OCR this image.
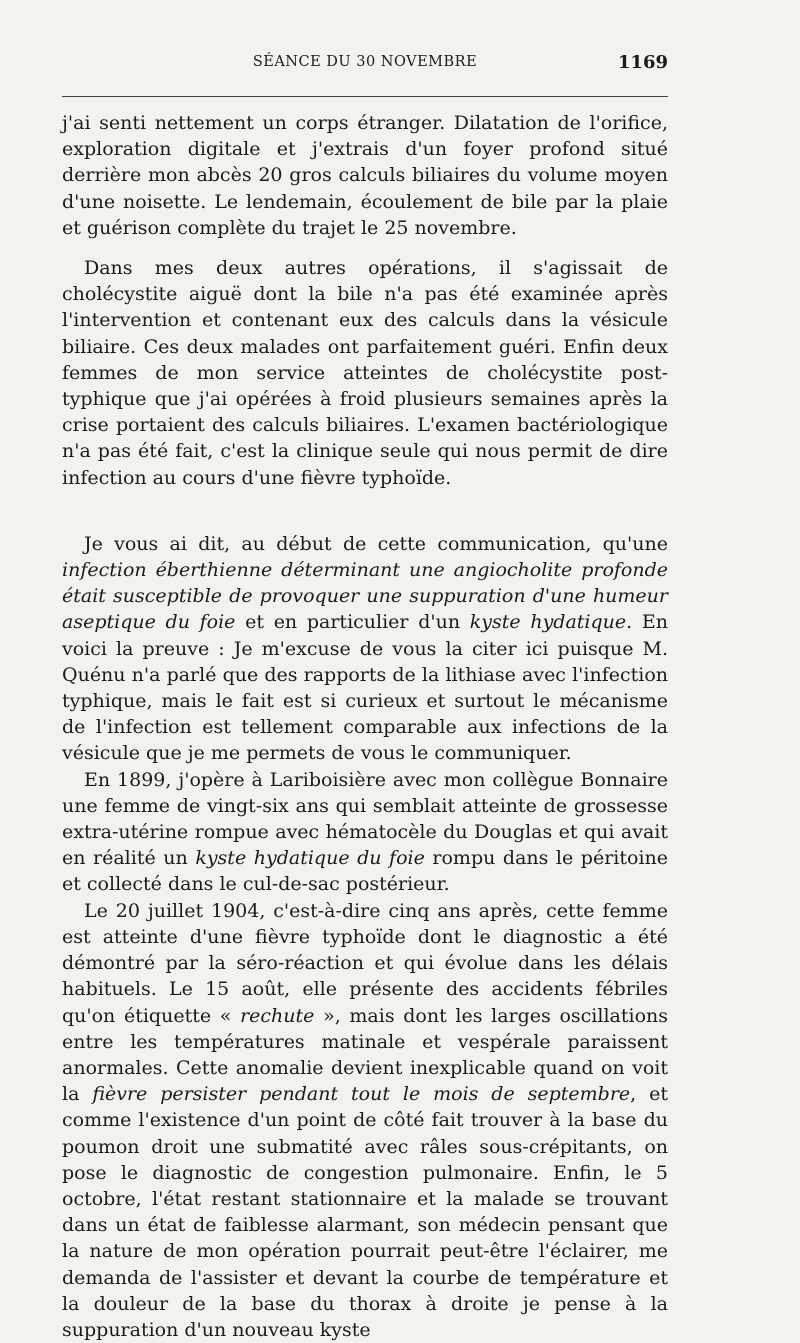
SÉANCE DU 30 NOVEMBRE	1169

j'ai senti nettement un corps étranger. Dilatation de l'orifice, exploration digitale et j'extrais d'un foyer profond situé derrière mon abcès 20 gros calculs biliaires du volume moyen d'une noisette. Le lendemain, écoulement de bile par la plaie et guérison complète du trajet le 25 novembre.

Dans mes deux autres opérations, il s'agissait de cholécystite aiguë dont la bile n'a pas été examinée après l'intervention et contenant eux des calculs dans la vésicule biliaire. Ces deux malades ont parfaitement guéri. Enfin deux femmes de mon service atteintes de cholécystite post-typhique que j'ai opérées à froid plusieurs semaines après la crise portaient des calculs biliaires. L'examen bactériologique n'a pas été fait, c'est la clinique seule qui nous permit de dire infection au cours d'une fièvre typhoïde.

Je vous ai dit, au début de cette communication, qu'une infection éberthienne déterminant une angiocholite profonde était susceptible de provoquer une suppuration d'une humeur aseptique du foie et en particulier d'un kyste hydatique. En voici la preuve : Je m'excuse de vous la citer ici puisque M. Quénu n'a parlé que des rapports de la lithiase avec l'infection typhique, mais le fait est si curieux et surtout le mécanisme de l'infection est tellement comparable aux infections de la vésicule que je me permets de vous le communiquer.

En 1899, j'opère à Lariboisière avec mon collègue Bonnaire une femme de vingt-six ans qui semblait atteinte de grossesse extra-utérine rompue avec hématocèle du Douglas et qui avait en réalité un kyste hydatique du foie rompu dans le péritoine et collecté dans le cul-de-sac postérieur.

Le 20 juillet 1904, c'est-à-dire cinq ans après, cette femme est atteinte d'une fièvre typhoïde dont le diagnostic a été démontré par la séro-réaction et qui évolue dans les délais habituels. Le 15 août, elle présente des accidents fébriles qu'on étiquette « rechute », mais dont les larges oscillations entre les températures matinale et vespérale paraissent anormales. Cette anomalie devient inexplicable quand on voit la fièvre persister pendant tout le mois de septembre, et comme l'existence d'un point de côté fait trouver à la base du poumon droit une submatité avec râles sous-crépitants, on pose le diagnostic de congestion pulmonaire. Enfin, le 5 octobre, l'état restant stationnaire et la malade se trouvant dans un état de faiblesse alarmant, son médecin pensant que la nature de mon opération pourrait peut-être l'éclairer, me demanda de l'assister et devant la courbe de température et la douleur de la base du thorax à droite je pense à la suppuration d'un nouveau kyste
